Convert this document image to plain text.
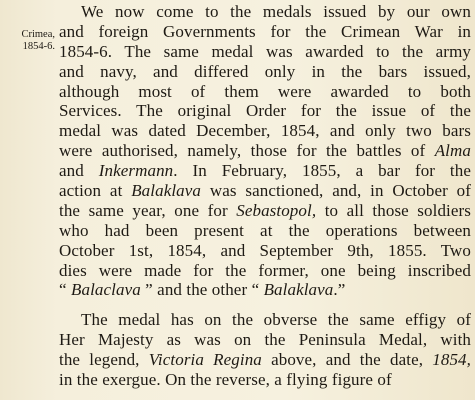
Crimea,
1854-6.
We now come to the medals issued by our own
and foreign Governments for the Crimean War in
1854-6. The same medal was awarded to the army
and navy, and differed only in the bars issued,
although most of them were awarded to both
Services. The original Order for the issue of the
medal was dated December, 1854, and only two bars
were authorised, namely, those for the battles of Alma
and Inkermann. In February, 1855, a bar for the
action at Balaklava was sanctioned, and, in October of
the same year, one for Sebastopol, to all those soldiers
who had been present at the operations between
October 1st, 1854, and September 9th, 1855. Two
dies were made for the former, one being inscribed
“ Balaclava ” and the other “ Balaklava.”
The medal has on the obverse the same effigy of
Her Majesty as was on the Peninsula Medal, with
the legend, Victoria Regina above, and the date, 1854,
in the exergue. On the reverse, a flying figure of
